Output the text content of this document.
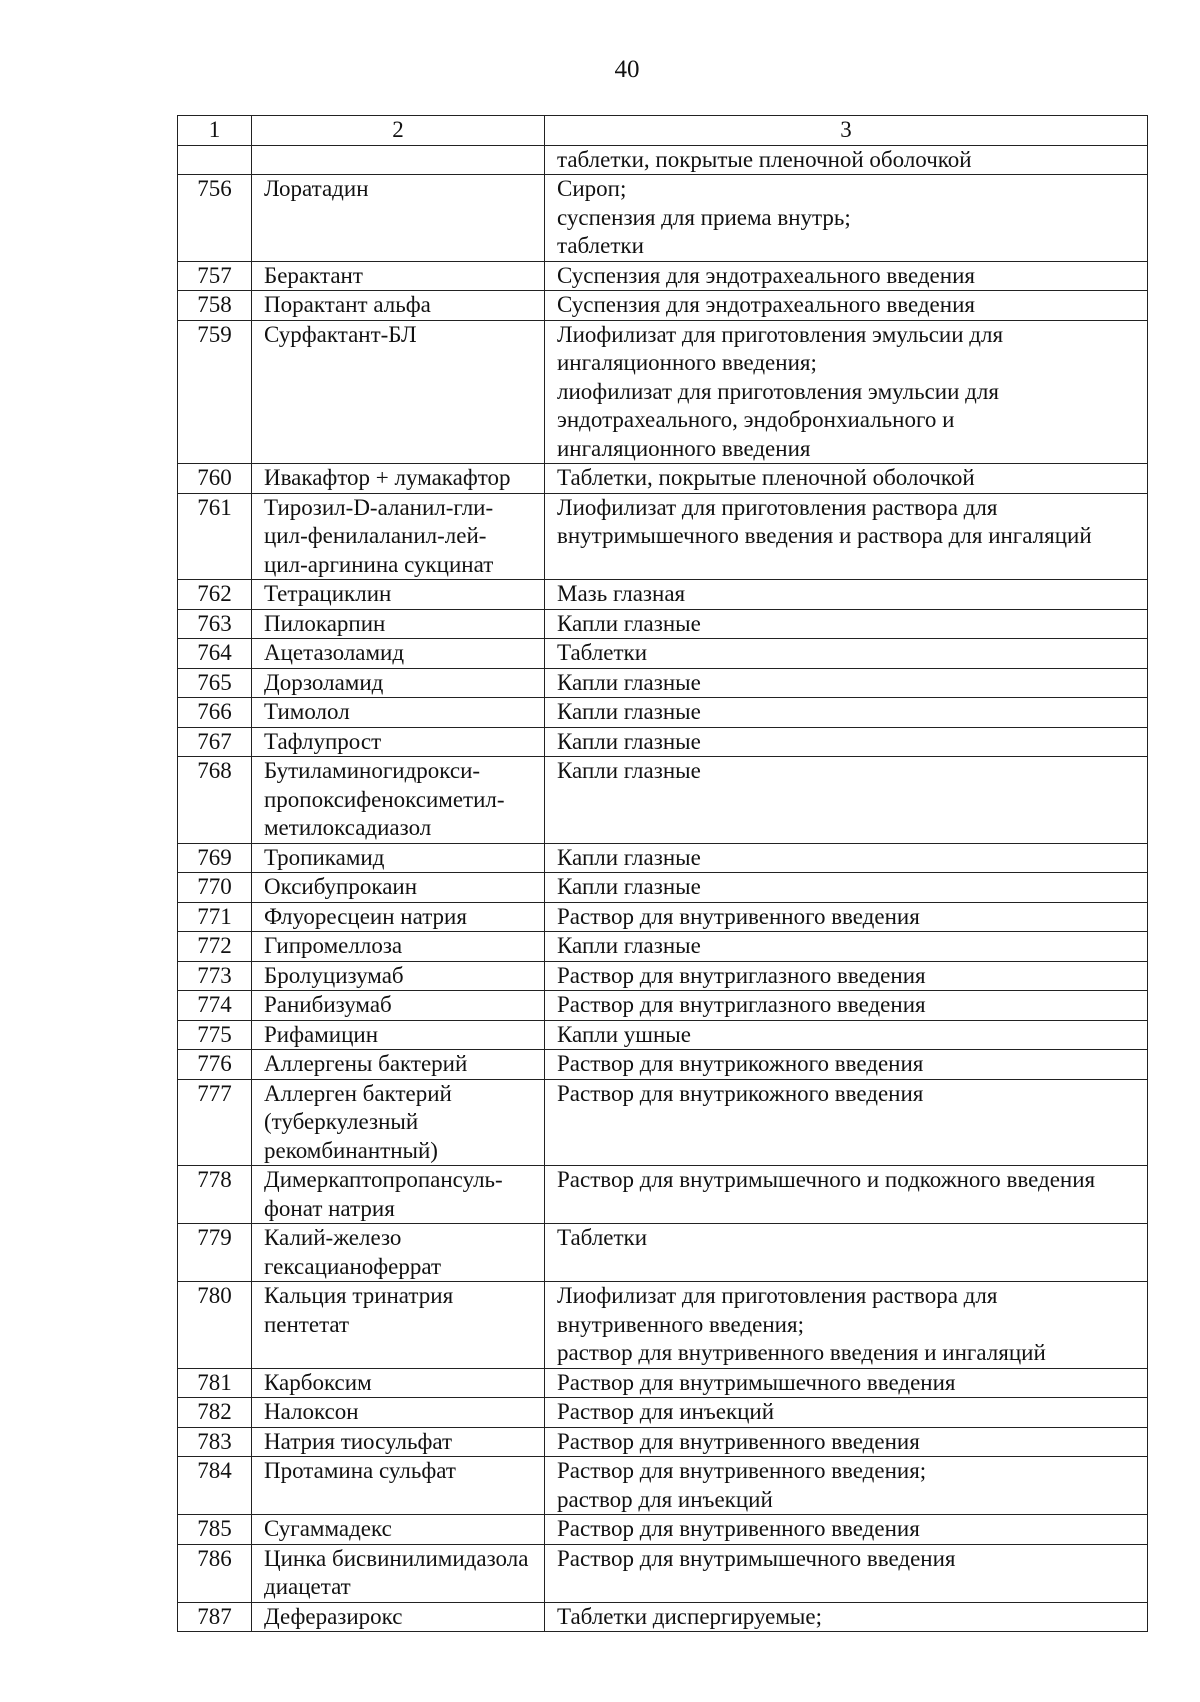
40
1	2	3

		таблетки, покрытые пленочной оболочкой

756	Лоратадин	Сироп;
суспензия для приема внутрь;
таблетки

757	Берактант	Суспензия для эндотрахеального введения

758	Порактант альфа	Суспензия для эндотрахеального введения

759	Сурфактант-БЛ	Лиофилизат для приготовления эмульсии для
ингаляционного введения;
лиофилизат для приготовления эмульсии для
эндотрахеального, эндобронхиального и
ингаляционного введения

760	Ивакафтор + лумакафтор	Таблетки, покрытые пленочной оболочкой

761	Тирозил-D-аланил-гли-
цил-фенилаланил-лей-
цил-аргинина сукцинат	Лиофилизат для приготовления раствора для
внутримышечного введения и раствора для ингаляций

762	Тетрациклин	Мазь глазная

763	Пилокарпин	Капли глазные

764	Ацетазоламид	Таблетки

765	Дорзоламид	Капли глазные

766	Тимолол	Капли глазные

767	Тафлупрост	Капли глазные

768	Бутиламиногидрокси-
пропоксифеноксиметил-
метилоксадиазол	Капли глазные

769	Тропикамид	Капли глазные

770	Оксибупрокаин	Капли глазные

771	Флуоресцеин натрия	Раствор для внутривенного введения

772	Гипромеллоза	Капли глазные

773	Бролуцизумаб	Раствор для внутриглазного введения

774	Ранибизумаб	Раствор для внутриглазного введения

775	Рифамицин	Капли ушные

776	Аллергены бактерий	Раствор для внутрикожного введения

777	Аллерген бактерий
(туберкулезный
рекомбинантный)	Раствор для внутрикожного введения

778	Димеркаптопропансуль-
фонат натрия	Раствор для внутримышечного и подкожного введения

779	Калий-железо
гексацианоферрат	Таблетки

780	Кальция тринатрия
пентетат	Лиофилизат для приготовления раствора для
внутривенного введения;
раствор для внутривенного введения и ингаляций

781	Карбоксим	Раствор для внутримышечного введения

782	Налоксон	Раствор для инъекций

783	Натрия тиосульфат	Раствор для внутривенного введения

784	Протамина сульфат	Раствор для внутривенного введения;
раствор для инъекций

785	Сугаммадекс	Раствор для внутривенного введения

786	Цинка бисвинилимидазола
диацетат	Раствор для внутримышечного введения

787	Деферазирокс	Таблетки диспергируемые;
